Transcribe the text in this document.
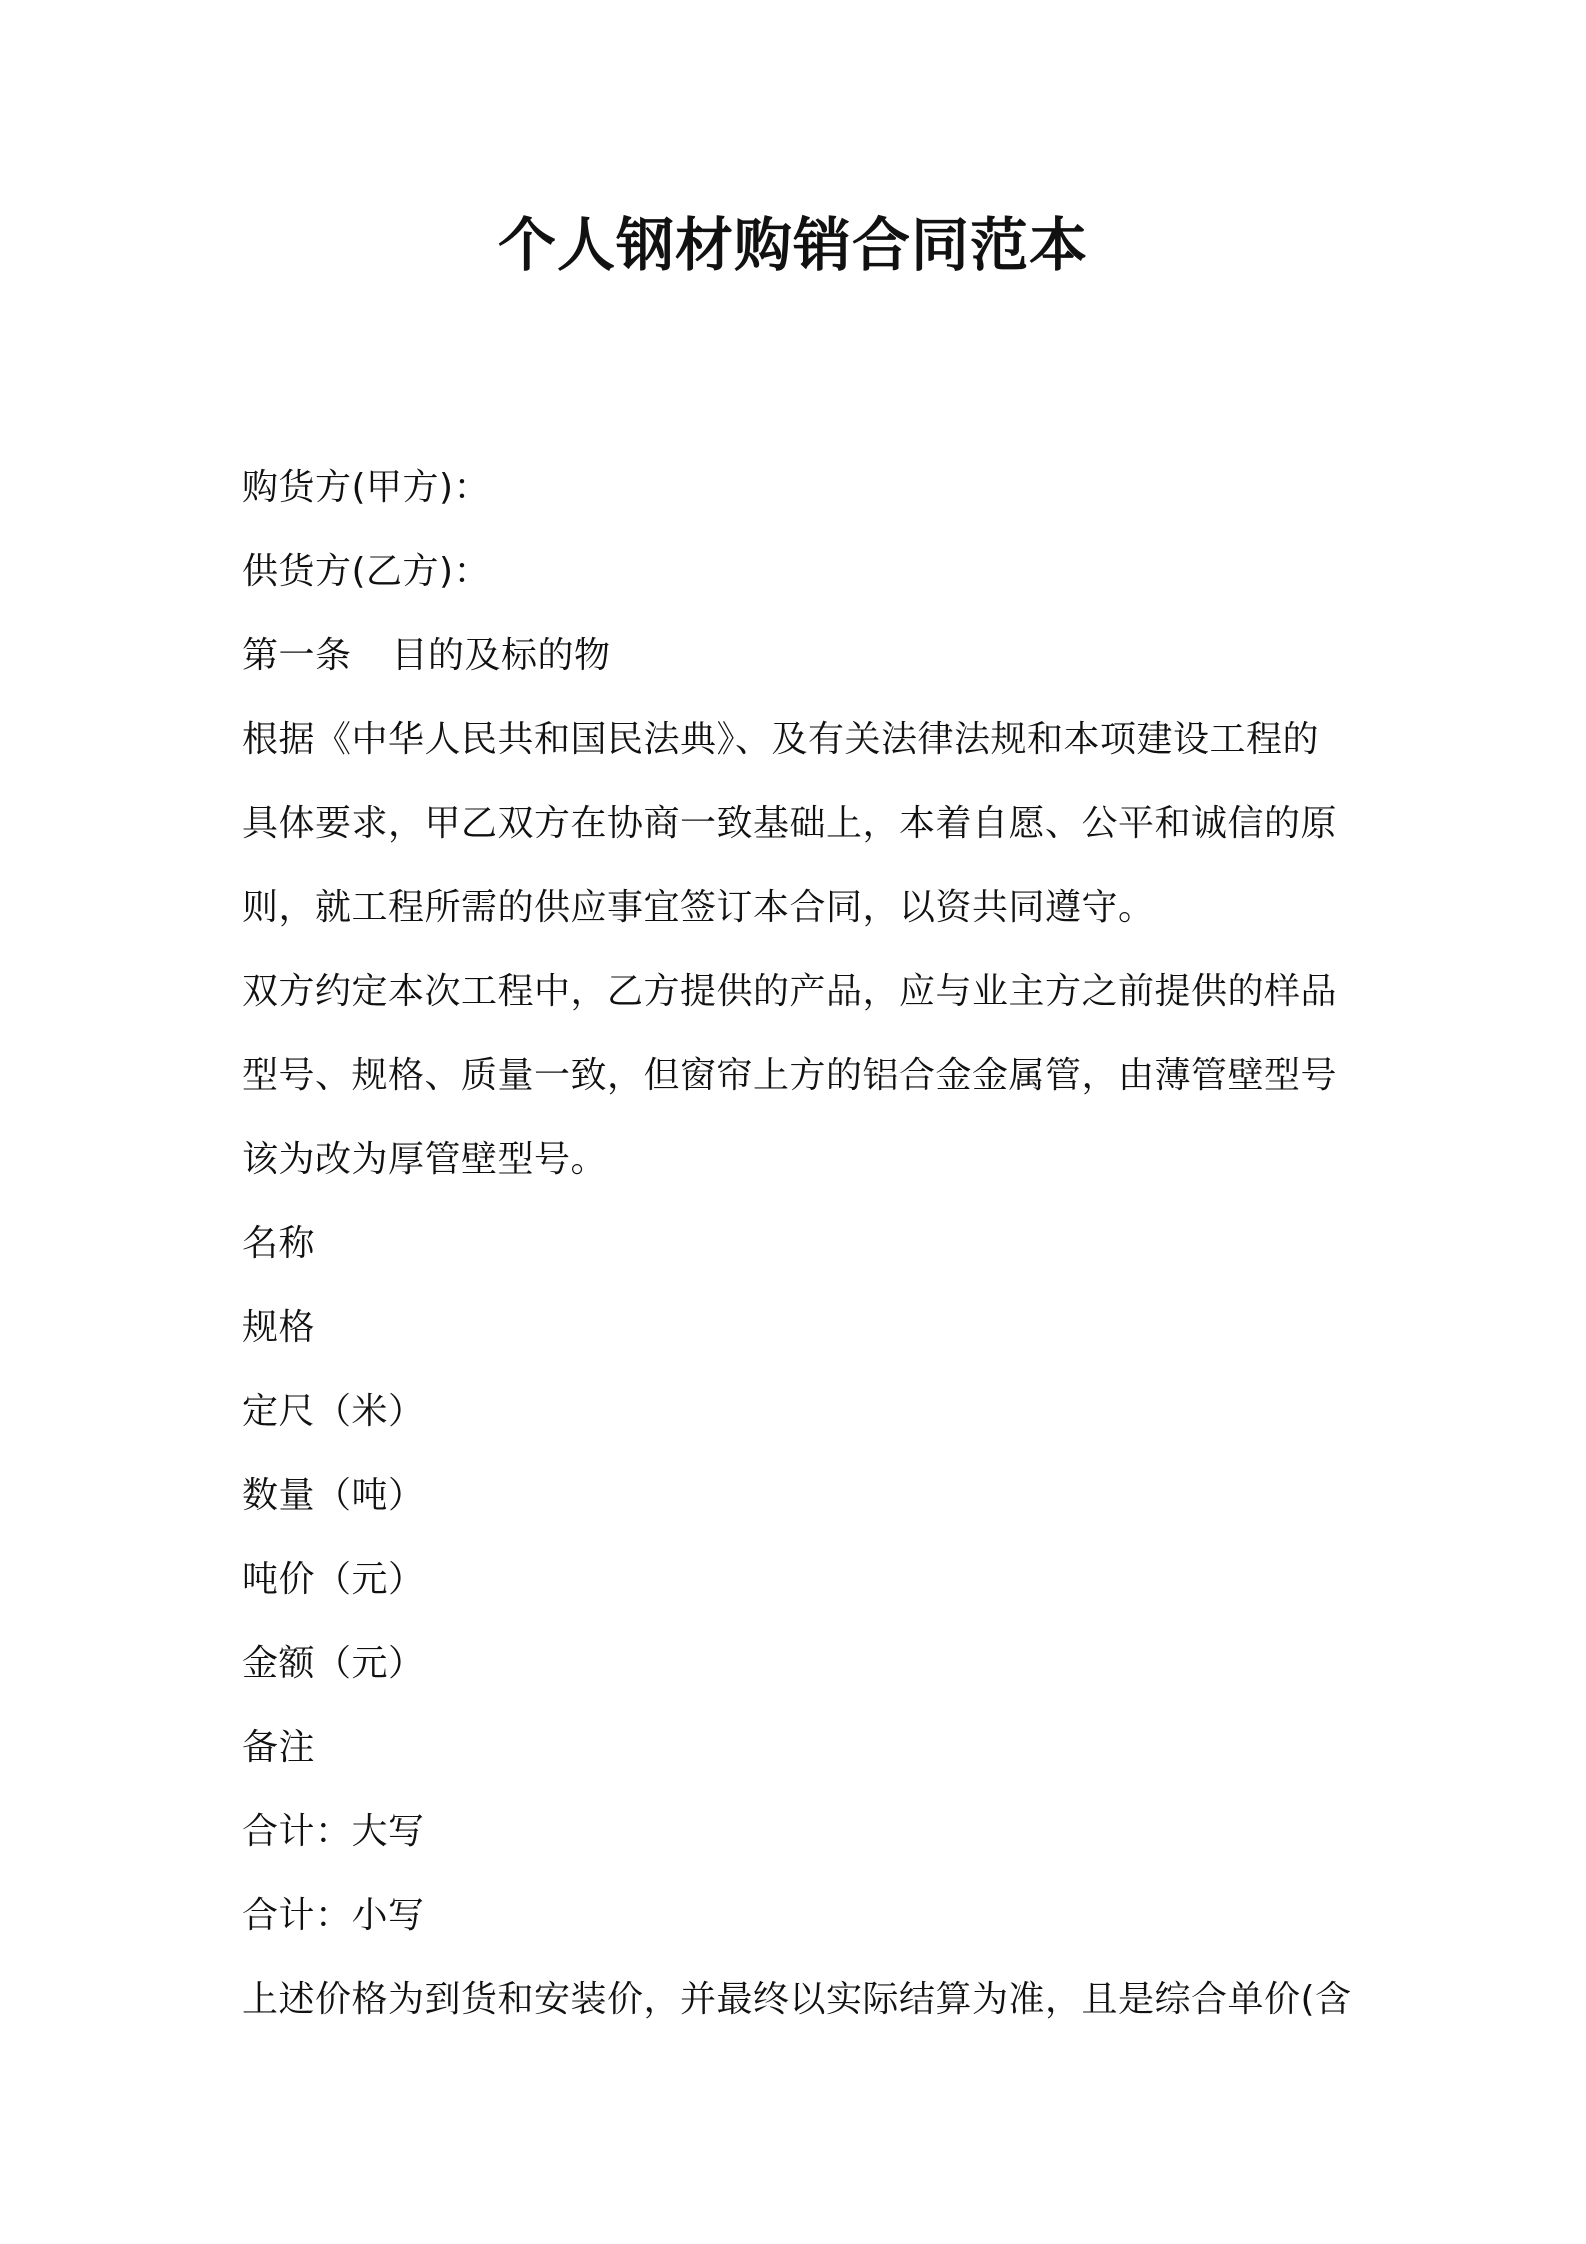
个人钢材购销合同范本
购货方(甲方)：
供货方(乙方)：
第一条 目的及标的物
根据《中华人民共和国民法典》、及有关法律法规和本项建设工程的
具体要求，甲乙双方在协商一致基础上，本着自愿、公平和诚信的原
则，就工程所需的供应事宜签订本合同，以资共同遵守。
双方约定本次工程中，乙方提供的产品，应与业主方之前提供的样品
型号、规格、质量一致，但窗帘上方的铝合金金属管，由薄管壁型号
该为改为厚管壁型号。
名称
规格
定尺（米）
数量（吨）
吨价（元）
金额（元）
备注
合计：大写
合计：小写
上述价格为到货和安装价，并最终以实际结算为准，且是综合单价(含
